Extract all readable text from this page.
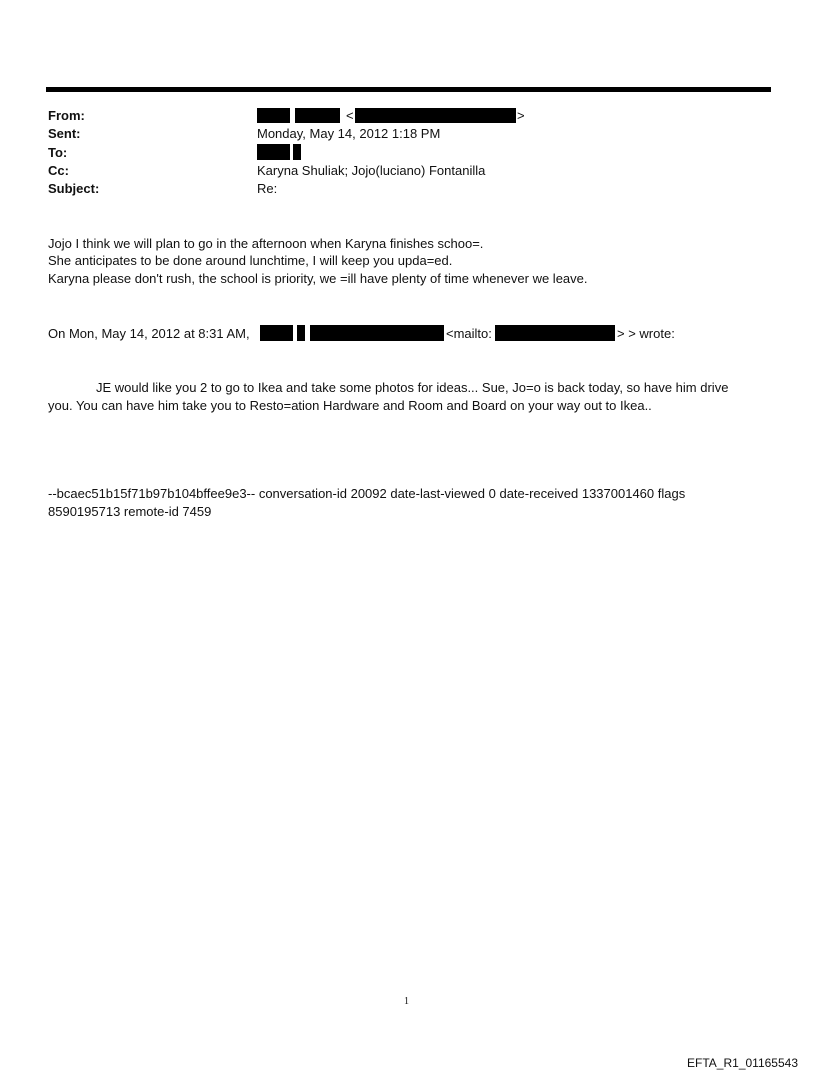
From:	<	>
Sent:	Monday, May 14, 2012 1:18 PM
To:
Cc:	Karyna Shuliak; Jojo(luciano) Fontanilla
Subject:	Re:
Jojo I think we will plan to go in the afternoon when Karyna finishes schoo=.
She anticipates to be done around lunchtime, I will keep you upda=ed.
Karyna please don't rush, the school is priority, we =ill have plenty of time whenever we leave.
On Mon, May 14, 2012 at 8:31 AM,	<mailto:	> > wrote:
JE would like you 2 to go to Ikea and take some photos for ideas... Sue, Jo=o is back today, so have him drive
you. You can have him take you to Resto=ation Hardware and Room and Board on your way out to Ikea..
--bcaec51b15f71b97b104bffee9e3-- conversation-id 20092 date-last-viewed 0 date-received 1337001460 flags
8590195713 remote-id 7459
1
EFTA_R1_01165543
